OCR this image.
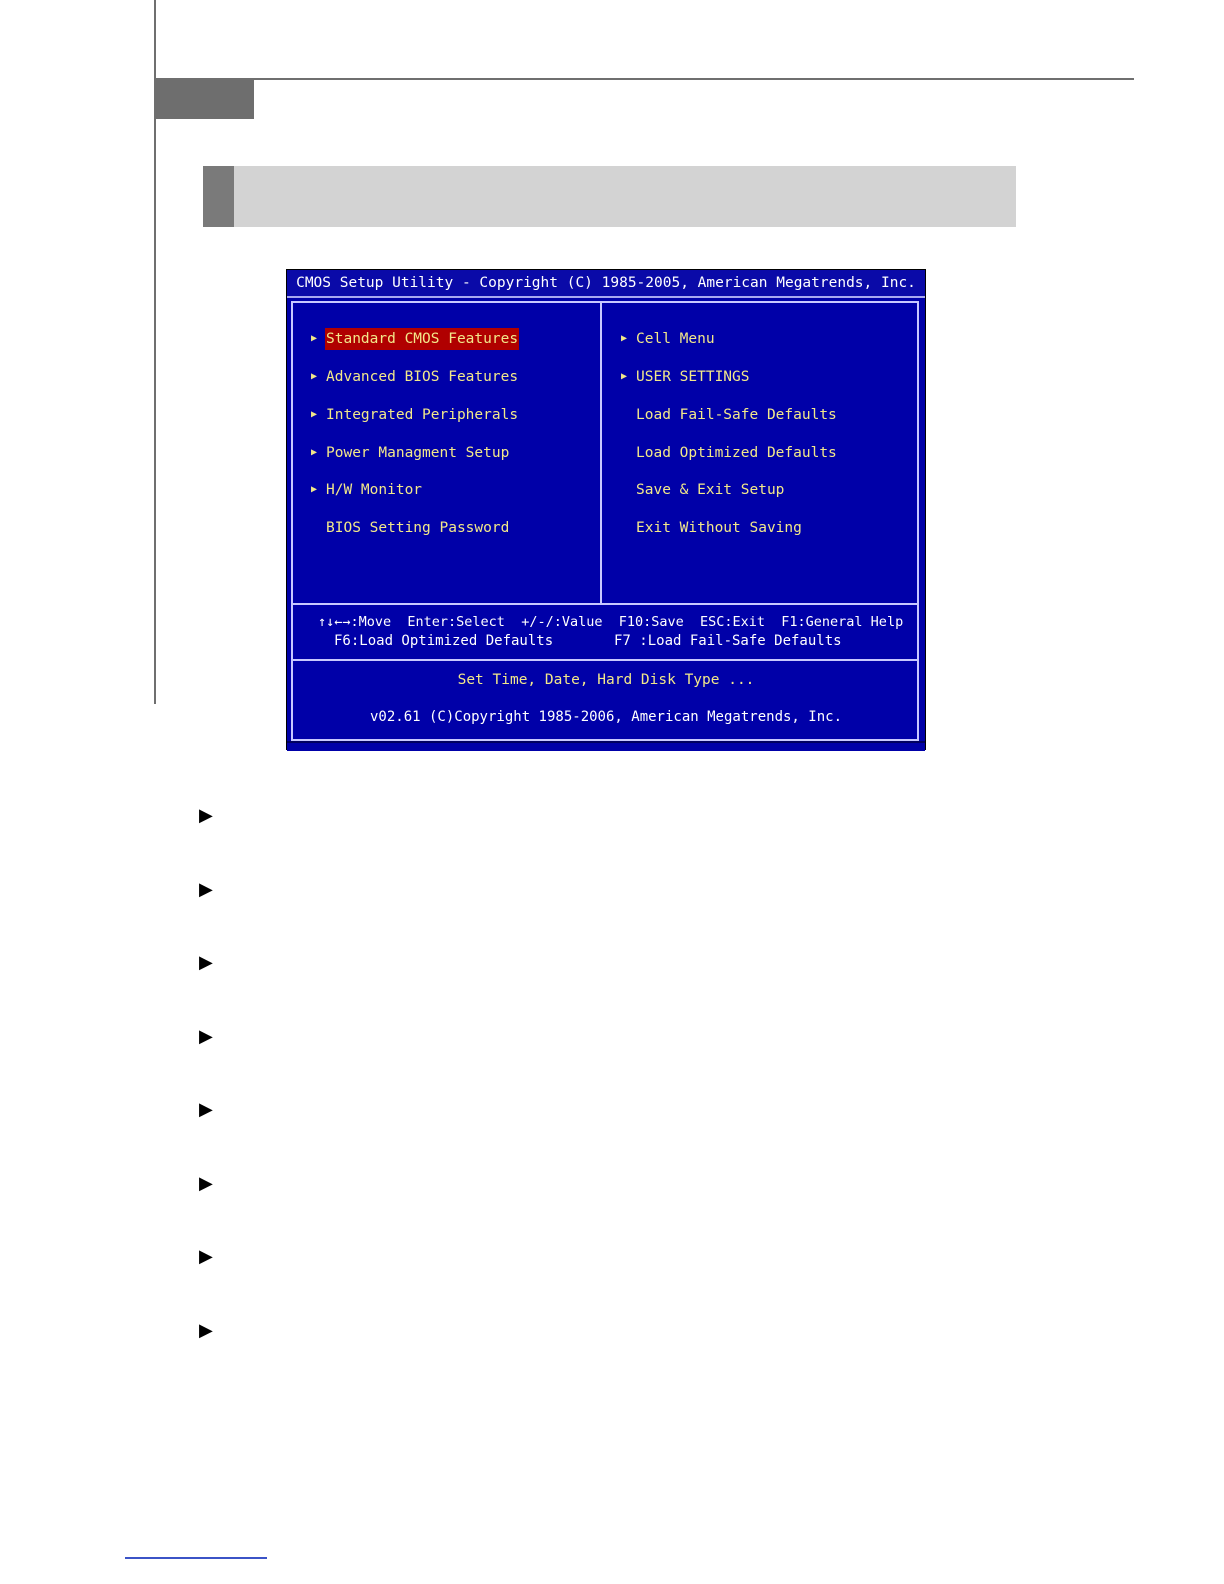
CMOS Setup Utility - Copyright (C) 1985-2005, American Megatrends, Inc.
▶ Standard CMOS Features
▶ Advanced BIOS Features
▶ Integrated Peripherals
▶ Power Managment Setup
▶ H/W Monitor
BIOS Setting Password
▶ Cell Menu
▶ USER SETTINGS
Load Fail-Safe Defaults
Load Optimized Defaults
Save & Exit Setup
Exit Without Saving
↑↓←→:Move  Enter:Select  +/-/:Value  F10:Save  ESC:Exit  F1:General Help
F6:Load Optimized Defaults	F7 :Load Fail-Safe Defaults
Set Time, Date, Hard Disk Type ...
v02.61 (C)Copyright 1985-2006, American Megatrends, Inc.
▶
▶
▶
▶
▶
▶
▶
▶
